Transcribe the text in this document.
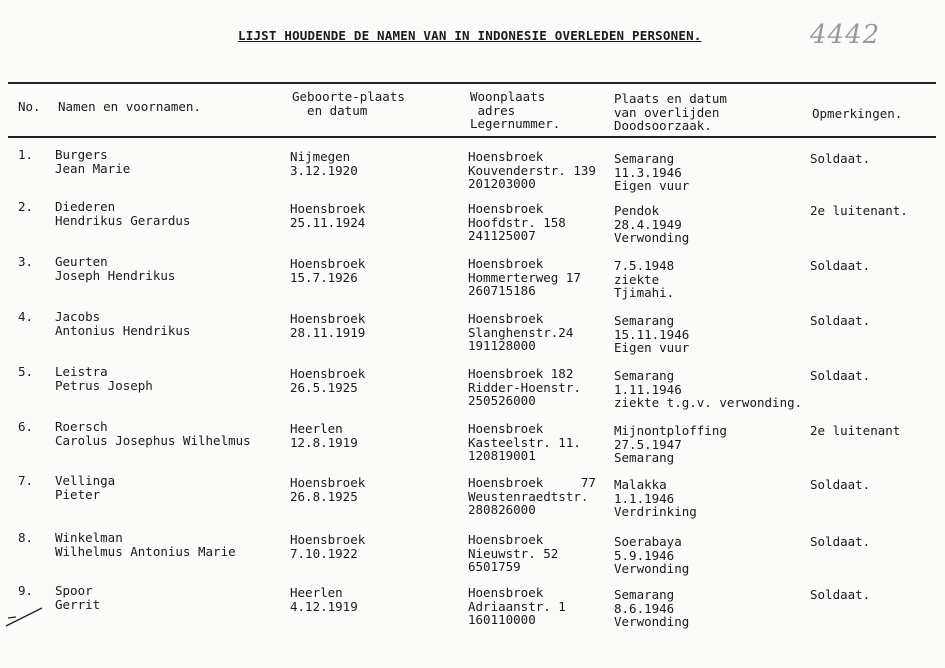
LIJST HOUDENDE DE NAMEN VAN IN INDONESIE OVERLEDEN PERSONEN.	4442
No. Namen en voornamen.
Geboorte-plaats
en datum
Woonplaats
adres
Legernummer.
Plaats en datum
van overlijden
Doodsoorzaak.
Opmerkingen.
1. Burgers
Jean Marie
Nijmegen
3.12.1920
Hoensbroek
Kouvenderstr. 139
201203000
Semarang
11.3.1946
Eigen vuur
Soldaat.
2. Diederen
Hendrikus Gerardus
Hoensbroek
25.11.1924
Hoensbroek
Hoofdstr. 158
241125007
Pendok
28.4.1949
Verwonding
2e luitenant.
3. Geurten
Joseph Hendrikus
Hoensbroek
15.7.1926
Hoensbroek
Hommerterweg 17
260715186
7.5.1948
ziekte
Tjimahi.
Soldaat.
4. Jacobs
Antonius Hendrikus
Hoensbroek
28.11.1919
Hoensbroek
Slanghenstr.24
191128000
Semarang
15.11.1946
Eigen vuur
Soldaat.
5. Leistra
Petrus Joseph
Hoensbroek
26.5.1925
Hoensbroek 182
Ridder-Hoenstr.
250526000
Semarang
1.11.1946
ziekte t.g.v. verwonding.
Soldaat.
6. Roersch
Carolus Josephus Wilhelmus
Heerlen
12.8.1919
Hoensbroek
Kasteelstr. 11.
120819001
Mijnontploffing
27.5.1947
Semarang
2e luitenant
7. Vellinga
Pieter
Hoensbroek
26.8.1925
Hoensbroek     77
Weustenraedtstr.
280826000
Malakka
1.1.1946
Verdrinking
Soldaat.
8. Winkelman
Wilhelmus Antonius Marie
Hoensbroek
7.10.1922
Hoensbroek
Nieuwstr. 52
6501759
Soerabaya
5.9.1946
Verwonding
Soldaat.
9. Spoor
Gerrit
Heerlen
4.12.1919
Hoensbroek
Adriaanstr. 1
160110000
Semarang
8.6.1946
Verwonding
Soldaat.
